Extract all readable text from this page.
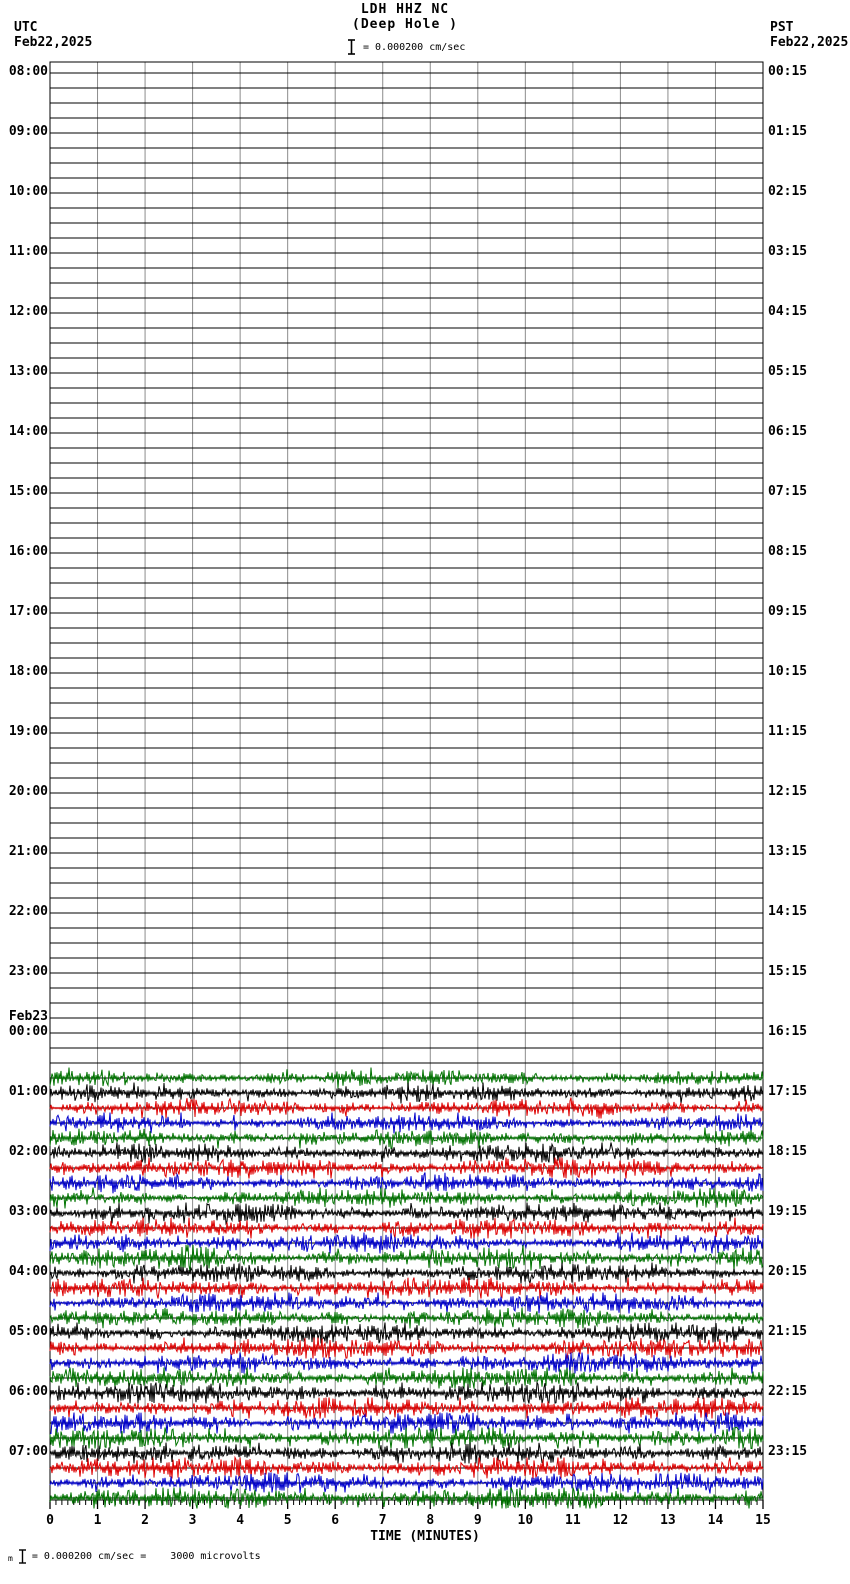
LDH HHZ NC
(Deep Hole )
= 0.000200 cm/sec
UTC
Feb22,2025
PST
Feb22,2025
08:00
09:00
10:00
11:00
12:00
13:00
14:00
15:00
16:00
17:00
18:00
19:00
20:00
21:00
22:00
23:00
Feb23
00:00
01:00
02:00
03:00
04:00
05:00
06:00
07:00
00:15
01:15
02:15
03:15
04:15
05:15
06:15
07:15
08:15
09:15
10:15
11:15
12:15
13:15
14:15
15:15
16:15
17:15
18:15
19:15
20:15
21:15
22:15
23:15
0	1	2	3	4	5	6	7	8	9	10	11	12	13	14	15
TIME (MINUTES)
m = 0.000200 cm/sec =    3000 microvolts
